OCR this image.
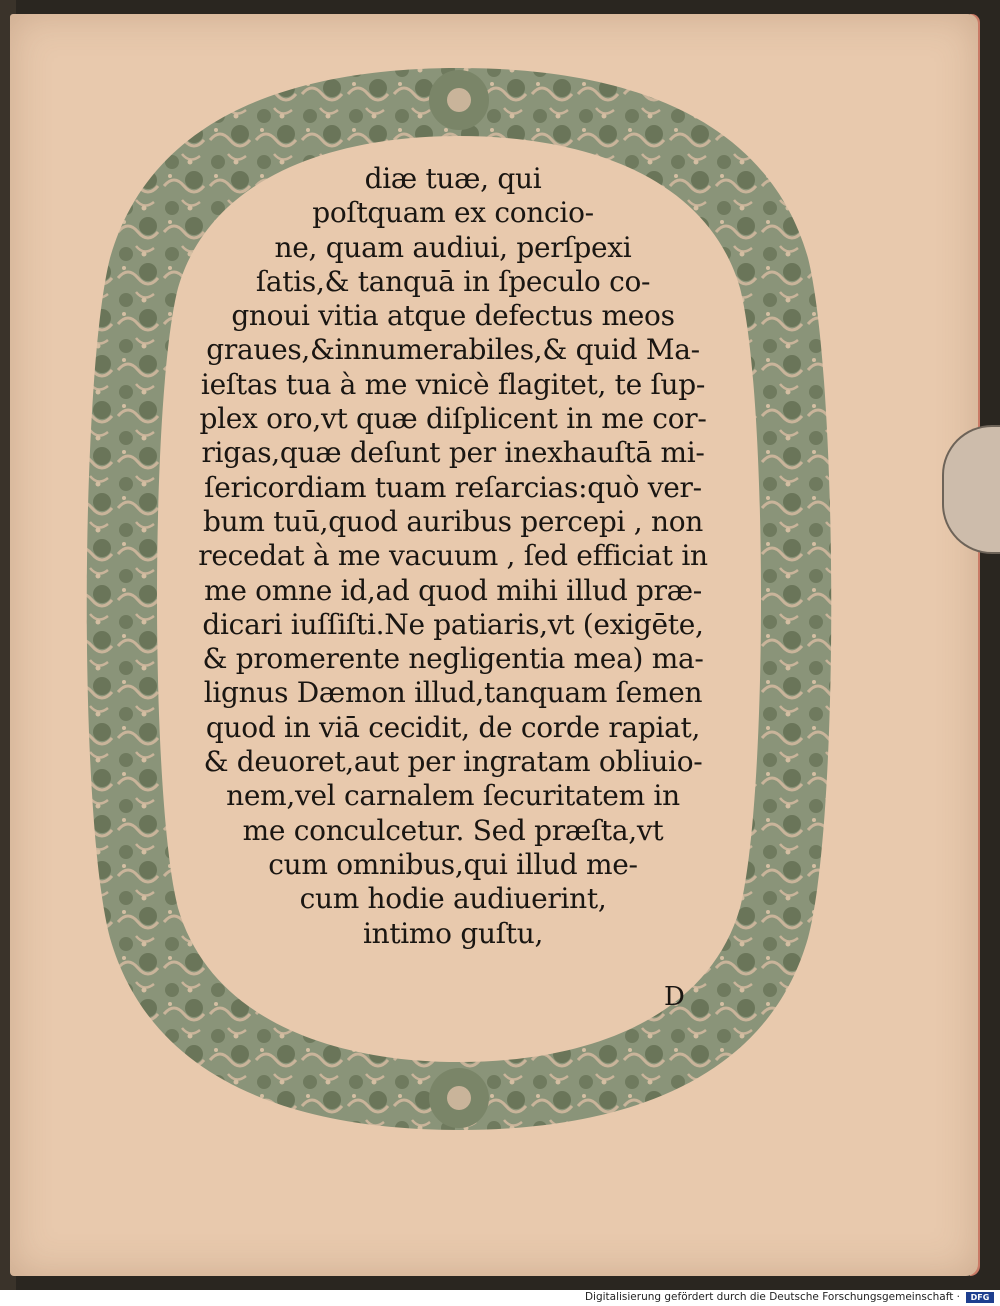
diæ tuæ, qui
poſtquam ex concio-
ne, quam audiui, perſpexi
ſatis,& tanquā in ſpeculo co-
gnoui vitia atque defectus meos
graues,&innumerabiles,& quid Ma-
ieſtas tua à me vnicè flagitet, te ſup-
plex oro,vt quæ diſplicent in me cor-
rigas,quæ deſunt per inexhauſtā mi-
ſericordiam tuam reſarcias:quò ver-
bum tuū,quod auribus percepi , non
recedat à me vacuum , ſed efficiat in
me omne id,ad quod mihi illud præ-
dicari iuſſiſti.Ne patiaris,vt (exigēte,
& promerente negligentia mea) ma-
lignus Dæmon illud,tanquam ſemen
quod in viā cecidit, de corde rapiat,
& deuoret,aut per ingratam obliuio-
nem,vel carnalem ſecuritatem in
me conculcetur. Sed præſta,vt
cum omnibus,qui illud me-
cum hodie audiuerint,
intimo guſtu,
D
Digitalisierung gefördert durch die Deutsche Forschungsgemeinschaft ·	DFG
